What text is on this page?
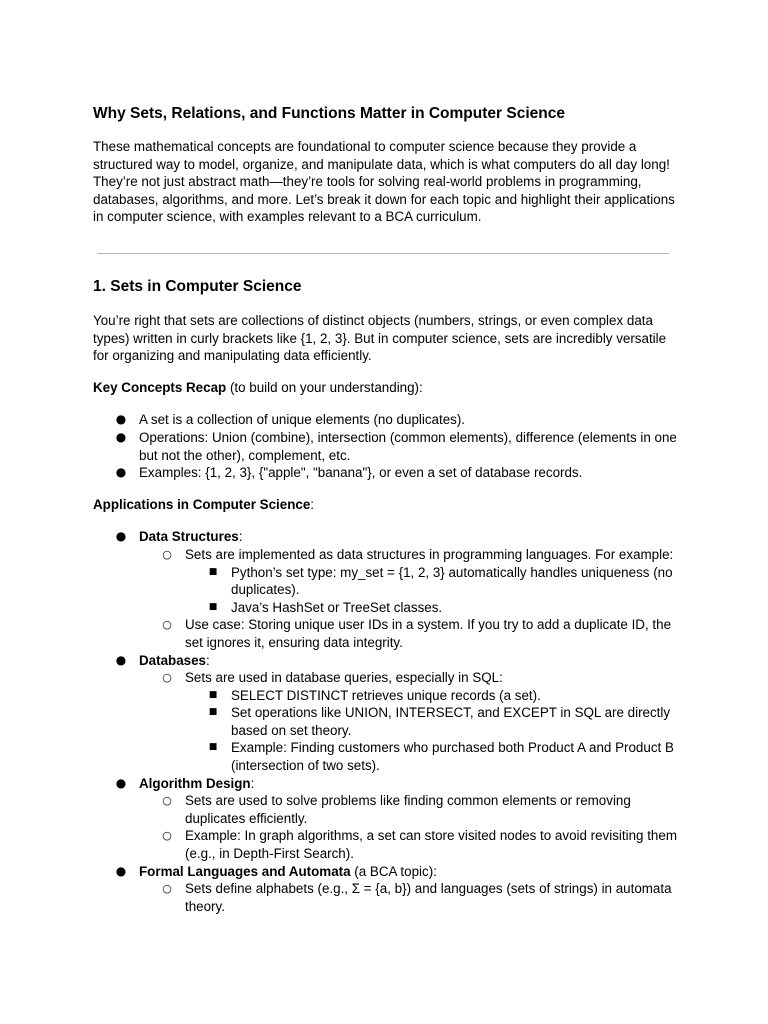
Why Sets, Relations, and Functions Matter in Computer Science

These mathematical concepts are foundational to computer science because they provide a structured way to model, organize, and manipulate data, which is what computers do all day long! They’re not just abstract math—they’re tools for solving real-world problems in programming, databases, algorithms, and more. Let’s break it down for each topic and highlight their applications in computer science, with examples relevant to a BCA curriculum.

1. Sets in Computer Science

You’re right that sets are collections of distinct objects (numbers, strings, or even complex data types) written in curly brackets like {1, 2, 3}. But in computer science, sets are incredibly versatile for organizing and manipulating data efficiently.

Key Concepts Recap (to build on your understanding):

● A set is a collection of unique elements (no duplicates).
● Operations: Union (combine), intersection (common elements), difference (elements in one but not the other), complement, etc.
● Examples: {1, 2, 3}, {"apple", "banana"}, or even a set of database records.

Applications in Computer Science:

● Data Structures:
○ Sets are implemented as data structures in programming languages. For example:
■	Python’s set type: my_set = {1, 2, 3} automatically handles uniqueness (no duplicates).
■	Java’s HashSet or TreeSet classes.
○ Use case: Storing unique user IDs in a system. If you try to add a duplicate ID, the set ignores it, ensuring data integrity.
● Databases:
○ Sets are used in database queries, especially in SQL:
■	SELECT DISTINCT retrieves unique records (a set).
■	Set operations like UNION, INTERSECT, and EXCEPT in SQL are directly based on set theory.
■	Example: Finding customers who purchased both Product A and Product B (intersection of two sets).
● Algorithm Design:
○ Sets are used to solve problems like finding common elements or removing duplicates efficiently.
○ Example: In graph algorithms, a set can store visited nodes to avoid revisiting them (e.g., in Depth-First Search).
● Formal Languages and Automata (a BCA topic):
○ Sets define alphabets (e.g., Σ = {a, b}) and languages (sets of strings) in automata theory.
